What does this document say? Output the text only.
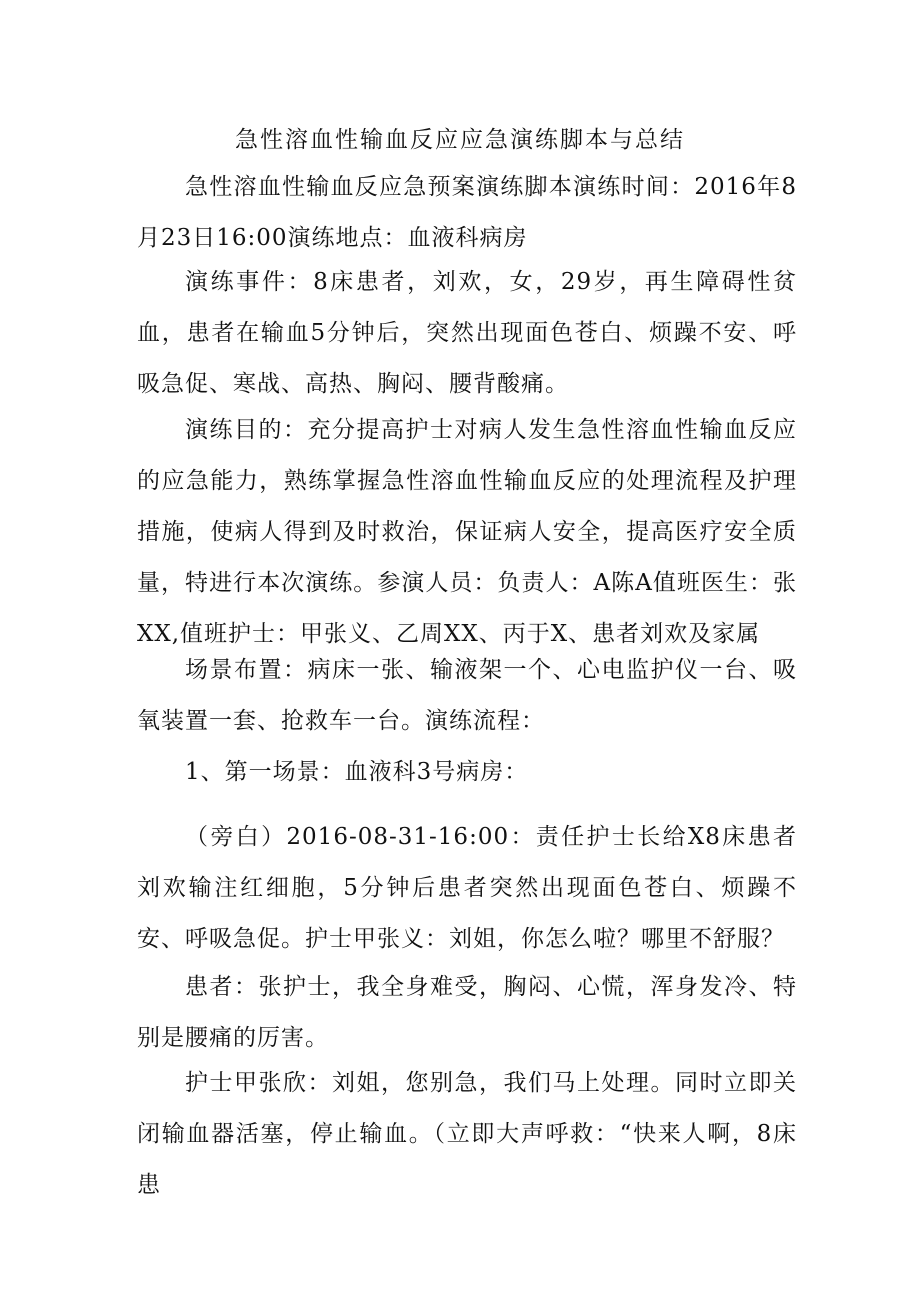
急性溶血性输血反应应急演练脚本与总结

急性溶血性输血反应急预案演练脚本演练时间：2016年8月23日16:00演练地点：血液科病房

演练事件：8床患者，刘欢，女，29岁，再生障碍性贫血，患者在输血5分钟后，突然出现面色苍白、烦躁不安、呼吸急促、寒战、高热、胸闷、腰背酸痛。

演练目的：充分提高护士对病人发生急性溶血性输血反应的应急能力，熟练掌握急性溶血性输血反应的处理流程及护理措施，使病人得到及时救治，保证病人安全，提高医疗安全质量，特进行本次演练。参演人员：负责人：A陈A值班医生：张XX,值班护士：甲张义、乙周XX、丙于X、患者刘欢及家属

场景布置：病床一张、输液架一个、心电监护仪一台、吸氧装置一套、抢救车一台。演练流程：

1、第一场景：血液科3号病房：

（旁白）2016-08-31-16:00：责任护士长给X8床患者刘欢输注红细胞，5分钟后患者突然出现面色苍白、烦躁不安、呼吸急促。护士甲张义：刘姐，你怎么啦？哪里不舒服？

患者：张护士，我全身难受，胸闷、心慌，浑身发冷、特别是腰痛的厉害。

护士甲张欣：刘姐，您别急，我们马上处理。同时立即关闭输血器活塞，停止输血。（立即大声呼救：“快来人啊，8床患
